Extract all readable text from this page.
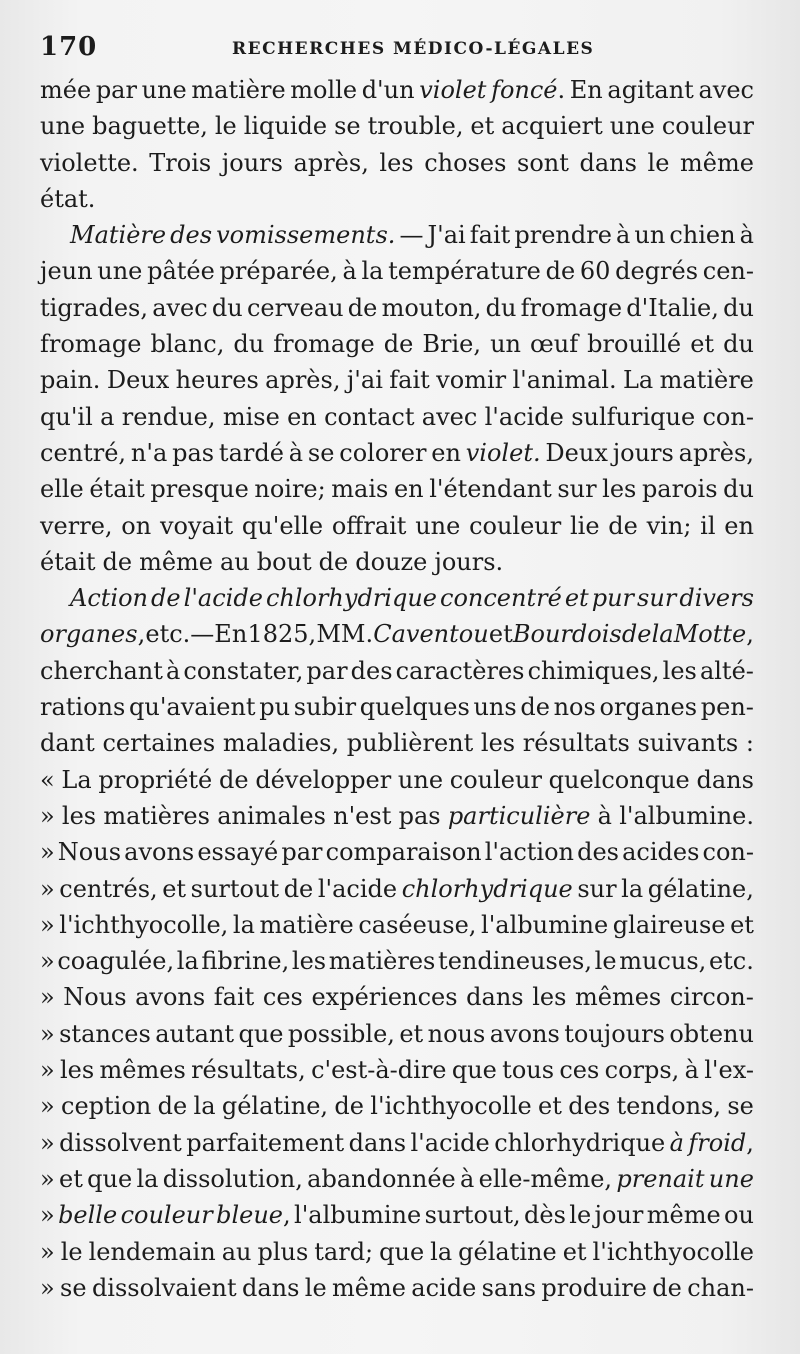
170	RECHERCHES MÉDICO-LÉGALES
mée par une matière molle d'un violet foncé. En agitant avec
une baguette, le liquide se trouble, et acquiert une couleur
violette. Trois jours après, les choses sont dans le même
état.
Matière des vomissements. — J'ai fait prendre à un chien à
jeun une pâtée préparée, à la température de 60 degrés cen-
tigrades, avec du cerveau de mouton, du fromage d'Italie, du
fromage blanc, du fromage de Brie, un œuf brouillé et du
pain. Deux heures après, j'ai fait vomir l'animal. La matière
qu'il a rendue, mise en contact avec l'acide sulfurique con-
centré, n'a pas tardé à se colorer en violet. Deux jours après,
elle était presque noire; mais en l'étendant sur les parois du
verre, on voyait qu'elle offrait une couleur lie de vin; il en
était de même au bout de douze jours.
Action de l'acide chlorhydrique concentré et pur sur divers
organes, etc.—En 1825, MM. Caventou et Bourdois de la Motte,
cherchant à constater, par des caractères chimiques, les alté-
rations qu'avaient pu subir quelques uns de nos organes pen-
dant certaines maladies, publièrent les résultats suivants :
« La propriété de développer une couleur quelconque dans
» les matières animales n'est pas particulière à l'albumine.
» Nous avons essayé par comparaison l'action des acides con-
» centrés, et surtout de l'acide chlorhydrique sur la gélatine,
» l'ichthyocolle, la matière caséeuse, l'albumine glaireuse et
» coagulée, la fibrine, les matières tendineuses, le mucus, etc.
» Nous avons fait ces expériences dans les mêmes circon-
» stances autant que possible, et nous avons toujours obtenu
» les mêmes résultats, c'est-à-dire que tous ces corps, à l'ex-
» ception de la gélatine, de l'ichthyocolle et des tendons, se
» dissolvent parfaitement dans l'acide chlorhydrique à froid,
» et que la dissolution, abandonnée à elle-même, prenait une
» belle couleur bleue, l'albumine surtout, dès le jour même ou
» le lendemain au plus tard; que la gélatine et l'ichthyocolle
» se dissolvaient dans le même acide sans produire de chan-
